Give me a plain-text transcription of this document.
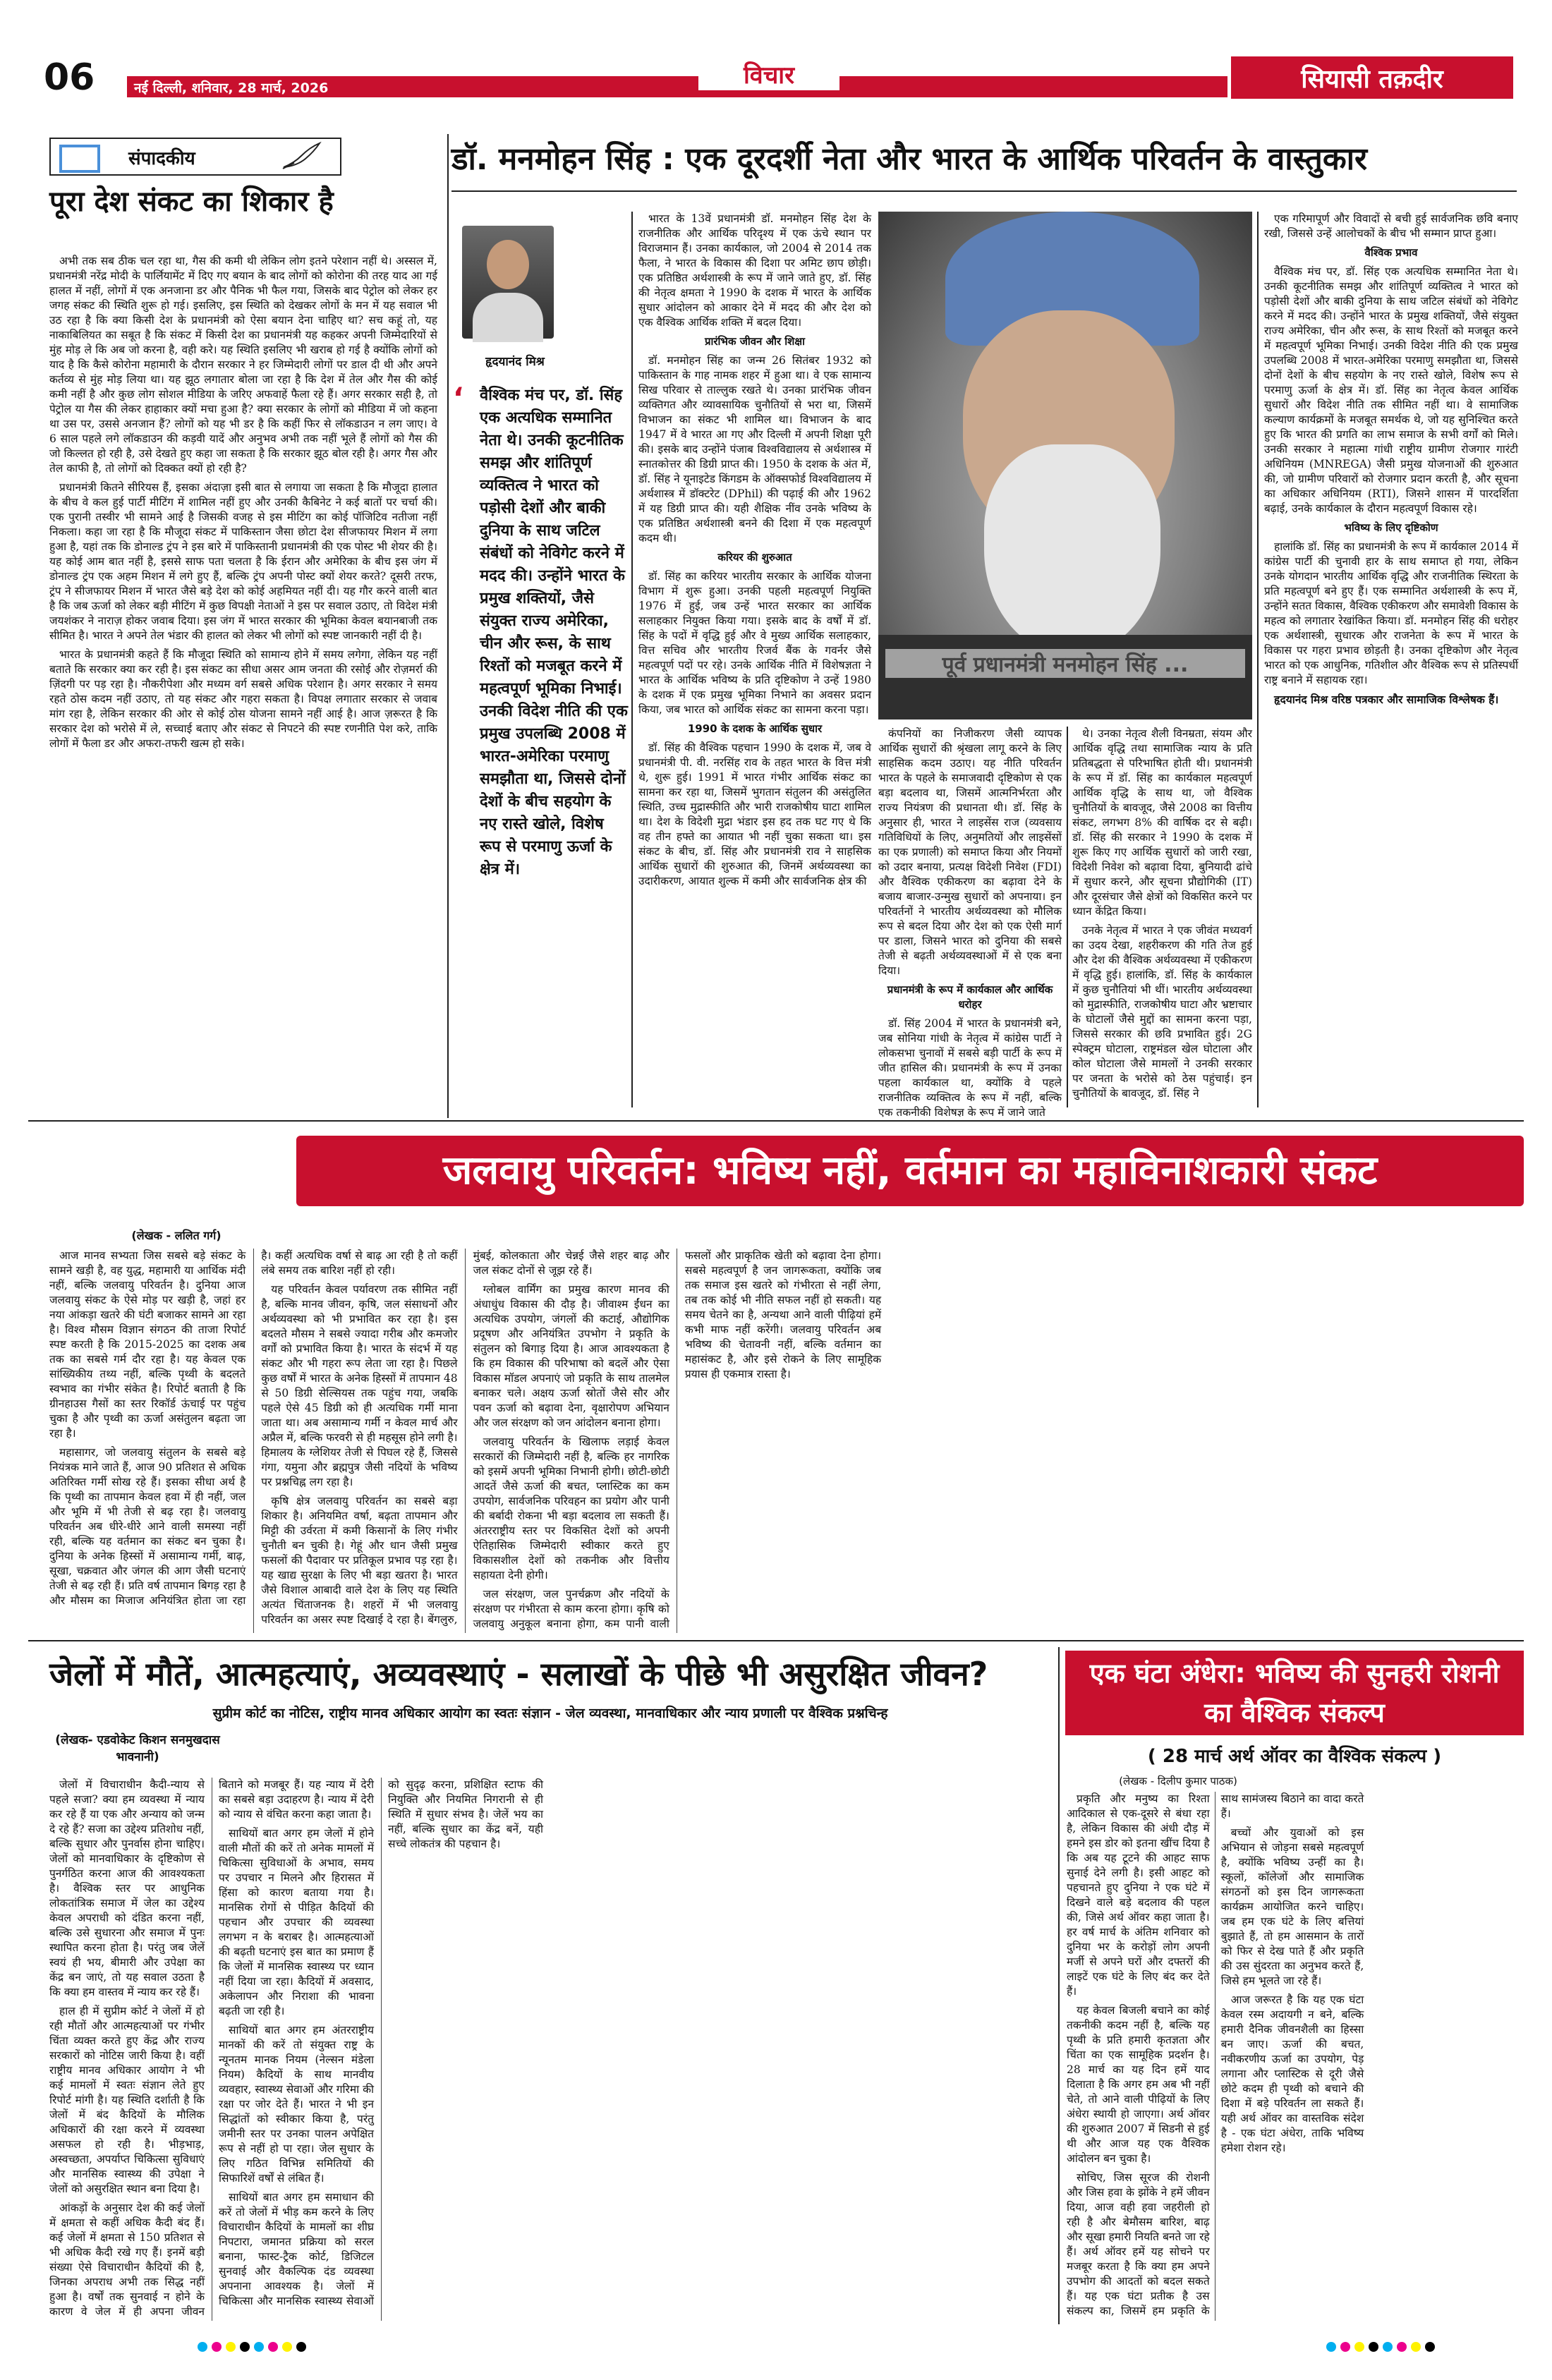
06	नई दिल्ली, शनिवार, 28 मार्च, 2026	विचार	सियासी तक़दीर
संपादकीय
पूरा देश संकट का शिकार है

अभी तक सब ठीक चल रहा था, गैस की कमी थी लेकिन लोग इतने परेशान नहीं थे। अस्सल में, प्रधानमंत्री नरेंद्र मोदी के पार्लियामेंट में दिए गए बयान के बाद लोगों को कोरोना की तरह याद आ गई हालत में नहीं, लोगों में एक अनजाना डर और पैनिक भी फैल गया, जिसके बाद पेट्रोल को लेकर हर जगह संकट की स्थिति शुरू हो गई। इसलिए, इस स्थिति को देखकर लोगों के मन में यह सवाल भी उठ रहा है कि क्या किसी देश के प्रधानमंत्री को ऐसा बयान देना चाहिए था? सच कहूं तो, यह नाकाबिलियत का सबूत है कि संकट में किसी देश का प्रधानमंत्री यह कहकर अपनी जिम्मेदारियों से मुंह मोड़ ले कि अब जो करना है, वही करे। यह स्थिति इसलिए भी खराब हो गई है क्योंकि लोगों को याद है कि कैसे कोरोना महामारी के दौरान सरकार ने हर जिम्मेदारी लोगों पर डाल दी थी और अपने कर्तव्य से मुंह मोड़ लिया था। यह झूठ लगातार बोला जा रहा है कि देश में तेल और गैस की कोई कमी नहीं है और कुछ लोग सोशल मीडिया के जरिए अफवाहें फैला रहे हैं। अगर सरकार सही है, तो पेट्रोल या गैस की लेकर हाहाकार क्यों मचा हुआ है? क्या सरकार के लोगों को मीडिया में जो कहना था उस पर, उससे अनजान हैं? लोगों को यह भी डर है कि कहीं फिर से लॉकडाउन न लग जाए। वे 6 साल पहले लगे लॉकडाउन की कड़वी यादें और अनुभव अभी तक नहीं भूले हैं लोगों को गैस की जो किल्लत हो रही है, उसे देखते हुए कहा जा सकता है कि सरकार झूठ बोल रही है। अगर गैस और तेल काफी है, तो लोगों को दिक्कत क्यों हो रही है?

प्रधानमंत्री कितने सीरियस हैं, इसका अंदाज़ा इसी बात से लगाया जा सकता है कि मौजूदा हालात के बीच वे कल हुई पार्टी मीटिंग में शामिल नहीं हुए और उनकी कैबिनेट ने कई बातों पर चर्चा की। एक पुरानी तस्वीर भी सामने आई है जिसकी वजह से इस मीटिंग का कोई पॉजिटिव नतीजा नहीं निकला। कहा जा रहा है कि मौजूदा संकट में पाकिस्तान जैसा छोटा देश सीजफायर मिशन में लगा हुआ है, यहां तक कि डोनाल्ड ट्रंप ने इस बारे में पाकिस्तानी प्रधानमंत्री की एक पोस्ट भी शेयर की है। यह कोई आम बात नहीं है, इससे साफ पता चलता है कि ईरान और अमेरिका के बीच इस जंग में डोनाल्ड ट्रंप एक अहम मिशन में लगे हुए हैं, बल्कि ट्रंप अपनी पोस्ट क्यों शेयर करते? दूसरी तरफ, ट्रंप ने सीजफायर मिशन में भारत जैसे बड़े देश को कोई अहमियत नहीं दी। यह गौर करने वाली बात है कि जब ऊर्जा को लेकर बड़ी मीटिंग में कुछ विपक्षी नेताओं ने इस पर सवाल उठाए, तो विदेश मंत्री जयशंकर ने नाराज़ होकर जवाब दिया। इस जंग में भारत सरकार की भूमिका केवल बयानबाजी तक सीमित है। भारत ने अपने तेल भंडार की हालत को लेकर भी लोगों को स्पष्ट जानकारी नहीं दी है।

भारत के प्रधानमंत्री कहते हैं कि मौजूदा स्थिति को सामान्य होने में समय लगेगा, लेकिन यह नहीं बताते कि सरकार क्या कर रही है। इस संकट का सीधा असर आम जनता की रसोई और रोज़मर्रा की ज़िंदगी पर पड़ रहा है। नौकरीपेशा और मध्यम वर्ग सबसे अधिक परेशान है। अगर सरकार ने समय रहते ठोस कदम नहीं उठाए, तो यह संकट और गहरा सकता है। विपक्ष लगातार सरकार से जवाब मांग रहा है, लेकिन सरकार की ओर से कोई ठोस योजना सामने नहीं आई है। आज ज़रूरत है कि सरकार देश को भरोसे में ले, सच्चाई बताए और संकट से निपटने की स्पष्ट रणनीति पेश करे, ताकि लोगों में फैला डर और अफरा-तफरी खत्म हो सके।

डॉ. मनमोहन सिंह : एक दूरदर्शी नेता और भारत के आर्थिक परिवर्तन के वास्तुकार
हृदयानंद मिश्र
‘ वैश्विक मंच पर, डॉ. सिंह एक अत्यधिक सम्मानित नेता थे। उनकी कूटनीतिक समझ और शांतिपूर्ण व्यक्तित्व ने भारत को पड़ोसी देशों और बाकी दुनिया के साथ जटिल संबंधों को नेविगेट करने में मदद की। उन्होंने भारत के प्रमुख शक्तियों, जैसे संयुक्त राज्य अमेरिका, चीन और रूस, के साथ रिश्तों को मजबूत करने में महत्वपूर्ण भूमिका निभाई। उनकी विदेश नीति की एक प्रमुख उपलब्धि 2008 में भारत-अमेरिका परमाणु समझौता था, जिससे दोनों देशों के बीच सहयोग के नए रास्ते खोले, विशेष रूप से परमाणु ऊर्जा के क्षेत्र में।

भारत के 13वें प्रधानमंत्री डॉ. मनमोहन सिंह देश के राजनीतिक और आर्थिक परिदृश्य में एक ऊंचे स्थान पर विराजमान हैं। उनका कार्यकाल, जो 2004 से 2014 तक फैला, ने भारत के विकास की दिशा पर अमिट छाप छोड़ी। एक प्रतिष्ठित अर्थशास्त्री के रूप में जाने जाते हुए, डॉ. सिंह की नेतृत्व क्षमता ने 1990 के दशक में भारत के आर्थिक सुधार आंदोलन को आकार देने में मदद की और देश को एक वैश्विक आर्थिक शक्ति में बदल दिया।

प्रारंभिक जीवन और शिक्षा

डॉ. मनमोहन सिंह का जन्म 26 सितंबर 1932 को पाकिस्तान के गाह नामक शहर में हुआ था। वे एक सामान्य सिख परिवार से ताल्लुक रखते थे। उनका प्रारंभिक जीवन व्यक्तिगत और व्यावसायिक चुनौतियों से भरा था, जिसमें विभाजन का संकट भी शामिल था। विभाजन के बाद 1947 में वे भारत आ गए और दिल्ली में अपनी शिक्षा पूरी की। इसके बाद उन्होंने पंजाब विश्वविद्यालय से अर्थशास्त्र में स्नातकोत्तर की डिग्री प्राप्त की। 1950 के दशक के अंत में, डॉ. सिंह ने यूनाइटेड किंगडम के ऑक्सफोर्ड विश्वविद्यालय में अर्थशास्त्र में डॉक्टरेट (DPhil) की पढ़ाई की और 1962 में यह डिग्री प्राप्त की। यही शैक्षिक नींव उनके भविष्य के एक प्रतिष्ठित अर्थशास्त्री बनने की दिशा में एक महत्वपूर्ण कदम थी।

करियर की शुरुआत

डॉ. सिंह का करियर भारतीय सरकार के आर्थिक योजना विभाग में शुरू हुआ। उनकी पहली महत्वपूर्ण नियुक्ति 1976 में हुई, जब उन्हें भारत सरकार का आर्थिक सलाहकार नियुक्त किया गया। इसके बाद के वर्षों में डॉ. सिंह के पदों में वृद्धि हुई और वे मुख्य आर्थिक सलाहकार, वित्त सचिव और भारतीय रिजर्व बैंक के गवर्नर जैसे महत्वपूर्ण पदों पर रहे। उनके आर्थिक नीति में विशेषज्ञता ने भारत के आर्थिक भविष्य के प्रति दृष्टिकोण ने उन्हें 1980 के दशक में एक प्रमुख भूमिका निभाने का अवसर प्रदान किया, जब भारत को आर्थिक संकट का सामना करना पड़ा।

1990 के दशक के आर्थिक सुधार

डॉ. सिंह की वैश्विक पहचान 1990 के दशक में, जब वे प्रधानमंत्री पी. वी. नरसिंह राव के तहत भारत के वित्त मंत्री थे, शुरू हुई। 1991 में भारत गंभीर आर्थिक संकट का सामना कर रहा था, जिसमें भुगतान संतुलन की असंतुलित स्थिति, उच्च मुद्रास्फीति और भारी राजकोषीय घाटा शामिल था। देश के विदेशी मुद्रा भंडार इस हद तक घट गए थे कि वह तीन हफ्ते का आयात भी नहीं चुका सकता था। इस संकट के बीच, डॉ. सिंह और प्रधानमंत्री राव ने साहसिक आर्थिक सुधारों की शुरुआत की, जिनमें अर्थव्यवस्था का उदारीकरण, आयात शुल्क में कमी और सार्वजनिक क्षेत्र की

पूर्व प्रधानमंत्री मनमोहन सिंह ...

कंपनियों का निजीकरण जैसी व्यापक आर्थिक सुधारों की श्रृंखला लागू करने के लिए साहसिक कदम उठाए। यह नीति परिवर्तन भारत के पहले के समाजवादी दृष्टिकोण से एक बड़ा बदलाव था, जिसमें आत्मनिर्भरता और राज्य नियंत्रण की प्रधानता थी। डॉ. सिंह के अनुसार ही, भारत ने लाइसेंस राज (व्यवसाय गतिविधियों के लिए, अनुमतियों और लाइसेंसों का एक प्रणाली) को समाप्त किया और नियमों को उदार बनाया, प्रत्यक्ष विदेशी निवेश (FDI) और वैश्विक एकीकरण का बढ़ावा देने के बजाय बाजार-उन्मुख सुधारों को अपनाया। इन परिवर्तनों ने भारतीय अर्थव्यवस्था को मौलिक रूप से बदल दिया और देश को एक ऐसी मार्ग पर डाला, जिसने भारत को दुनिया की सबसे तेजी से बढ़ती अर्थव्यवस्थाओं में से एक बना दिया।

प्रधानमंत्री के रूप में कार्यकाल और आर्थिक धरोहर

डॉ. सिंह 2004 में भारत के प्रधानमंत्री बने, जब सोनिया गांधी के नेतृत्व में कांग्रेस पार्टी ने लोकसभा चुनावों में सबसे बड़ी पार्टी के रूप में जीत हासिल की। प्रधानमंत्री के रूप में उनका पहला कार्यकाल था, क्योंकि वे पहले राजनीतिक व्यक्तित्व के रूप में नहीं, बल्कि एक तकनीकी विशेषज्ञ के रूप में जाने जाते

थे। उनका नेतृत्व शैली विनम्रता, संयम और आर्थिक वृद्धि तथा सामाजिक न्याय के प्रति प्रतिबद्धता से परिभाषित होती थी। प्रधानमंत्री के रूप में डॉ. सिंह का कार्यकाल महत्वपूर्ण आर्थिक वृद्धि के साथ था, जो वैश्विक चुनौतियों के बावजूद, जैसे 2008 का वित्तीय संकट, लगभग 8% की वार्षिक दर से बढ़ी। डॉ. सिंह की सरकार ने 1990 के दशक में शुरू किए गए आर्थिक सुधारों को जारी रखा, विदेशी निवेश को बढ़ावा दिया, बुनियादी ढांचे में सुधार करने, और सूचना प्रौद्योगिकी (IT) और दूरसंचार जैसे क्षेत्रों को विकसित करने पर ध्यान केंद्रित किया।

उनके नेतृत्व में भारत ने एक जीवंत मध्यवर्ग का उदय देखा, शहरीकरण की गति तेज हुई और देश की वैश्विक अर्थव्यवस्था में एकीकरण में वृद्धि हुई। हालांकि, डॉ. सिंह के कार्यकाल में कुछ चुनौतियां भी थीं। भारतीय अर्थव्यवस्था को मुद्रास्फीति, राजकोषीय घाटा और भ्रष्टाचार के घोटालों जैसे मुद्दों का सामना करना पड़ा, जिससे सरकार की छवि प्रभावित हुई। 2G स्पेक्ट्रम घोटाला, राष्ट्रमंडल खेल घोटाला और कोल घोटाला जैसे मामलों ने उनकी सरकार पर जनता के भरोसे को ठेस पहुंचाई। इन चुनौतियों के बावजूद, डॉ. सिंह ने

एक गरिमापूर्ण और विवादों से बची हुई सार्वजनिक छवि बनाए रखी, जिससे उन्हें आलोचकों के बीच भी सम्मान प्राप्त हुआ।

वैश्विक प्रभाव

वैश्विक मंच पर, डॉ. सिंह एक अत्यधिक सम्मानित नेता थे। उनकी कूटनीतिक समझ और शांतिपूर्ण व्यक्तित्व ने भारत को पड़ोसी देशों और बाकी दुनिया के साथ जटिल संबंधों को नेविगेट करने में मदद की। उन्होंने भारत के प्रमुख शक्तियों, जैसे संयुक्त राज्य अमेरिका, चीन और रूस, के साथ रिश्तों को मजबूत करने में महत्वपूर्ण भूमिका निभाई। उनकी विदेश नीति की एक प्रमुख उपलब्धि 2008 में भारत-अमेरिका परमाणु समझौता था, जिससे दोनों देशों के बीच सहयोग के नए रास्ते खोले, विशेष रूप से परमाणु ऊर्जा के क्षेत्र में। डॉ. सिंह का नेतृत्व केवल आर्थिक सुधारों और विदेश नीति तक सीमित नहीं था। वे सामाजिक कल्याण कार्यक्रमों के मजबूत समर्थक थे, जो यह सुनिश्चित करते हुए कि भारत की प्रगति का लाभ समाज के सभी वर्गों को मिले। उनकी सरकार ने महात्मा गांधी राष्ट्रीय ग्रामीण रोजगार गारंटी अधिनियम (MNREGA) जैसी प्रमुख योजनाओं की शुरुआत की, जो ग्रामीण परिवारों को रोजगार प्रदान करती है, और सूचना का अधिकार अधिनियम (RTI), जिसने शासन में पारदर्शिता बढ़ाई, उनके कार्यकाल के दौरान महत्वपूर्ण विकास रहे।

भविष्य के लिए दृष्टिकोण

हालांकि डॉ. सिंह का प्रधानमंत्री के रूप में कार्यकाल 2014 में कांग्रेस पार्टी की चुनावी हार के साथ समाप्त हो गया, लेकिन उनके योगदान भारतीय आर्थिक वृद्धि और राजनीतिक स्थिरता के प्रति महत्वपूर्ण बने हुए हैं। एक सम्मानित अर्थशास्त्री के रूप में, उन्होंने सतत विकास, वैश्विक एकीकरण और समावेशी विकास के महत्व को लगातार रेखांकित किया। डॉ. मनमोहन सिंह की धरोहर एक अर्थशास्त्री, सुधारक और राजनेता के रूप में भारत के विकास पर गहरा प्रभाव छोड़ती है। उनका दृष्टिकोण और नेतृत्व भारत को एक आधुनिक, गतिशील और वैश्विक रूप से प्रतिस्पर्धी राष्ट्र बनाने में सहायक रहा।

हृदयानंद मिश्र वरिष्ठ पत्रकार और सामाजिक विश्लेषक हैं।

जलवायु परिवर्तन: भविष्य नहीं, वर्तमान का महाविनाशकारी संकट
(लेखक - ललित गर्ग)

आज मानव सभ्यता जिस सबसे बड़े संकट के सामने खड़ी है, वह युद्ध, महामारी या आर्थिक मंदी नहीं, बल्कि जलवायु परिवर्तन है। दुनिया आज जलवायु संकट के ऐसे मोड़ पर खड़ी है, जहां हर नया आंकड़ा खतरे की घंटी बजाकर सामने आ रहा है। विश्व मौसम विज्ञान संगठन की ताजा रिपोर्ट स्पष्ट करती है कि 2015-2025 का दशक अब तक का सबसे गर्म दौर रहा है। यह केवल एक सांख्यिकीय तथ्य नहीं, बल्कि पृथ्वी के बदलते स्वभाव का गंभीर संकेत है। रिपोर्ट बताती है कि ग्रीनहाउस गैसों का स्तर रिकॉर्ड ऊंचाई पर पहुंच चुका है और पृथ्वी का ऊर्जा असंतुलन बढ़ता जा रहा है।

महासागर, जो जलवायु संतुलन के सबसे बड़े नियंत्रक माने जाते हैं, आज 90 प्रतिशत से अधिक अतिरिक्त गर्मी सोख रहे हैं। इसका सीधा अर्थ है कि पृथ्वी का तापमान केवल हवा में ही नहीं, जल और भूमि में भी तेजी से बढ़ रहा है। जलवायु परिवर्तन अब धीरे-धीरे आने वाली समस्या नहीं रही, बल्कि यह वर्तमान का संकट बन चुका है। दुनिया के अनेक हिस्सों में असामान्य गर्मी, बाढ़, सूखा, चक्रवात और जंगल की आग जैसी घटनाएं तेजी से बढ़ रही हैं। प्रति वर्ष तापमान बिगड़ रहा है और मौसम का मिजाज अनियंत्रित होता जा रहा है। कहीं अत्यधिक वर्षा से बाढ़ आ रही है तो कहीं लंबे समय तक बारिश नहीं हो रही।

यह परिवर्तन केवल पर्यावरण तक सीमित नहीं है, बल्कि मानव जीवन, कृषि, जल संसाधनों और अर्थव्यवस्था को भी प्रभावित कर रहा है। इस बदलते मौसम ने सबसे ज्यादा गरीब और कमजोर वर्गों को प्रभावित किया है। भारत के संदर्भ में यह संकट और भी गहरा रूप लेता जा रहा है। पिछले कुछ वर्षों में भारत के अनेक हिस्सों में तापमान 48 से 50 डिग्री सेल्सियस तक पहुंच गया, जबकि पहले ऐसे 45 डिग्री को ही अत्यधिक गर्मी माना जाता था। अब असामान्य गर्मी न केवल मार्च और अप्रैल में, बल्कि फरवरी से ही महसूस होने लगी है। हिमालय के ग्लेशियर तेजी से पिघल रहे हैं, जिससे गंगा, यमुना और ब्रह्मपुत्र जैसी नदियों के भविष्य पर प्रश्नचिह्न लग रहा है।

कृषि क्षेत्र जलवायु परिवर्तन का सबसे बड़ा शिकार है। अनियमित वर्षा, बढ़ता तापमान और मिट्टी की उर्वरता में कमी किसानों के लिए गंभीर चुनौती बन चुकी है। गेहूं और धान जैसी प्रमुख फसलों की पैदावार पर प्रतिकूल प्रभाव पड़ रहा है। यह खाद्य सुरक्षा के लिए भी बड़ा खतरा है। भारत जैसे विशाल आबादी वाले देश के लिए यह स्थिति अत्यंत चिंताजनक है। शहरों में भी जलवायु परिवर्तन का असर स्पष्ट दिखाई दे रहा है। बेंगलुरु, मुंबई, कोलकाता और चेन्नई जैसे शहर बाढ़ और जल संकट दोनों से जूझ रहे हैं।

ग्लोबल वार्मिंग का प्रमुख कारण मानव की अंधाधुंध विकास की दौड़ है। जीवाश्म ईंधन का अत्यधिक उपयोग, जंगलों की कटाई, औद्योगिक प्रदूषण और अनियंत्रित उपभोग ने प्रकृति के संतुलन को बिगाड़ दिया है। आज आवश्यकता है कि हम विकास की परिभाषा को बदलें और ऐसा विकास मॉडल अपनाएं जो प्रकृति के साथ तालमेल बनाकर चले। अक्षय ऊर्जा स्रोतों जैसे सौर और पवन ऊर्जा को बढ़ावा देना, वृक्षारोपण अभियान और जल संरक्षण को जन आंदोलन बनाना होगा।

जलवायु परिवर्तन के खिलाफ लड़ाई केवल सरकारों की जिम्मेदारी नहीं है, बल्कि हर नागरिक को इसमें अपनी भूमिका निभानी होगी। छोटी-छोटी आदतें जैसे ऊर्जा की बचत, प्लास्टिक का कम उपयोग, सार्वजनिक परिवहन का प्रयोग और पानी की बर्बादी रोकना भी बड़ा बदलाव ला सकती हैं। अंतरराष्ट्रीय स्तर पर विकसित देशों को अपनी ऐतिहासिक जिम्मेदारी स्वीकार करते हुए विकासशील देशों को तकनीक और वित्तीय सहायता देनी होगी।

जल संरक्षण, जल पुनर्चक्रण और नदियों के संरक्षण पर गंभीरता से काम करना होगा। कृषि को जलवायु अनुकूल बनाना होगा, कम पानी वाली फसलों और प्राकृतिक खेती को बढ़ावा देना होगा। सबसे महत्वपूर्ण है जन जागरूकता, क्योंकि जब तक समाज इस खतरे को गंभीरता से नहीं लेगा, तब तक कोई भी नीति सफल नहीं हो सकती। यह समय चेतने का है, अन्यथा आने वाली पीढ़ियां हमें कभी माफ नहीं करेंगी। जलवायु परिवर्तन अब भविष्य की चेतावनी नहीं, बल्कि वर्तमान का महासंकट है, और इसे रोकने के लिए सामूहिक प्रयास ही एकमात्र रास्ता है।

जेलों में मौतें, आत्महत्याएं, अव्यवस्थाएं - सलाखों के पीछे भी असुरक्षित जीवन?
सुप्रीम कोर्ट का नोटिस, राष्ट्रीय मानव अधिकार आयोग का स्वतः संज्ञान - जेल व्यवस्था, मानवाधिकार और न्याय प्रणाली पर वैश्विक प्रश्नचिन्ह
(लेखक- एडवोकेट किशन सनमुखदास भावनानी)

जेलों में विचाराधीन कैदी-न्याय से पहले सजा? क्या हम व्यवस्था में न्याय कर रहे हैं या एक और अन्याय को जन्म दे रहे हैं? सजा का उद्देश्य प्रतिशोध नहीं, बल्कि सुधार और पुनर्वास होना चाहिए। जेलों को मानवाधिकार के दृष्टिकोण से पुनर्गठित करना आज की आवश्यकता है। वैश्विक स्तर पर आधुनिक लोकतांत्रिक समाज में जेल का उद्देश्य केवल अपराधी को दंडित करना नहीं, बल्कि उसे सुधारना और समाज में पुनः स्थापित करना होता है। परंतु जब जेलें स्वयं ही भय, बीमारी और उपेक्षा का केंद्र बन जाएं, तो यह सवाल उठता है कि क्या हम वास्तव में न्याय कर रहे हैं।

हाल ही में सुप्रीम कोर्ट ने जेलों में हो रही मौतों और आत्महत्याओं पर गंभीर चिंता व्यक्त करते हुए केंद्र और राज्य सरकारों को नोटिस जारी किया है। वहीं राष्ट्रीय मानव अधिकार आयोग ने भी कई मामलों में स्वतः संज्ञान लेते हुए रिपोर्ट मांगी है। यह स्थिति दर्शाती है कि जेलों में बंद कैदियों के मौलिक अधिकारों की रक्षा करने में व्यवस्था असफल हो रही है। भीड़भाड़, अस्वच्छता, अपर्याप्त चिकित्सा सुविधाएं और मानसिक स्वास्थ्य की उपेक्षा ने जेलों को असुरक्षित स्थान बना दिया है।

आंकड़ों के अनुसार देश की कई जेलों में क्षमता से कहीं अधिक कैदी बंद हैं। कई जेलों में क्षमता से 150 प्रतिशत से भी अधिक कैदी रखे गए हैं। इनमें बड़ी संख्या ऐसे विचाराधीन कैदियों की है, जिनका अपराध अभी तक सिद्ध नहीं हुआ है। वर्षों तक सुनवाई न होने के कारण वे जेल में ही अपना जीवन बिताने को मजबूर हैं। यह न्याय में देरी का सबसे बड़ा उदाहरण है। न्याय में देरी को न्याय से वंचित करना कहा जाता है।

साथियों बात अगर हम जेलों में होने वाली मौतों की करें तो अनेक मामलों में चिकित्सा सुविधाओं के अभाव, समय पर उपचार न मिलने और हिरासत में हिंसा को कारण बताया गया है। मानसिक रोगों से पीड़ित कैदियों की पहचान और उपचार की व्यवस्था लगभग न के बराबर है। आत्महत्याओं की बढ़ती घटनाएं इस बात का प्रमाण हैं कि जेलों में मानसिक स्वास्थ्य पर ध्यान नहीं दिया जा रहा। कैदियों में अवसाद, अकेलापन और निराशा की भावना बढ़ती जा रही है।

साथियों बात अगर हम अंतरराष्ट्रीय मानकों की करें तो संयुक्त राष्ट्र के न्यूनतम मानक नियम (नेल्सन मंडेला नियम) कैदियों के साथ मानवीय व्यवहार, स्वास्थ्य सेवाओं और गरिमा की रक्षा पर जोर देते हैं। भारत ने भी इन सिद्धांतों को स्वीकार किया है, परंतु जमीनी स्तर पर उनका पालन अपेक्षित रूप से नहीं हो पा रहा। जेल सुधार के लिए गठित विभिन्न समितियों की सिफारिशें वर्षों से लंबित हैं।

साथियों बात अगर हम समाधान की करें तो जेलों में भीड़ कम करने के लिए विचाराधीन कैदियों के मामलों का शीघ्र निपटारा, जमानत प्रक्रिया को सरल बनाना, फास्ट-ट्रैक कोर्ट, डिजिटल सुनवाई और वैकल्पिक दंड व्यवस्था अपनाना आवश्यक है। जेलों में चिकित्सा और मानसिक स्वास्थ्य सेवाओं को सुदृढ़ करना, प्रशिक्षित स्टाफ की नियुक्ति और नियमित निगरानी से ही स्थिति में सुधार संभव है। जेलें भय का नहीं, बल्कि सुधार का केंद्र बनें, यही सच्चे लोकतंत्र की पहचान है।

एक घंटा अंधेरा: भविष्य की सुनहरी रोशनी का वैश्विक संकल्प
( 28 मार्च अर्थ ऑवर का वैश्विक संकल्प )
(लेखक - दिलीप कुमार पाठक)

प्रकृति और मनुष्य का रिश्ता आदिकाल से एक-दूसरे से बंधा रहा है, लेकिन विकास की अंधी दौड़ में हमने इस डोर को इतना खींच दिया है कि अब यह टूटने की आहट साफ सुनाई देने लगी है। इसी आहट को पहचानते हुए दुनिया ने एक घंटे में दिखने वाले बड़े बदलाव की पहल की, जिसे अर्थ ऑवर कहा जाता है। हर वर्ष मार्च के अंतिम शनिवार को दुनिया भर के करोड़ों लोग अपनी मर्जी से अपने घरों और दफ्तरों की लाइटें एक घंटे के लिए बंद कर देते हैं।

यह केवल बिजली बचाने का कोई तकनीकी कदम नहीं है, बल्कि यह पृथ्वी के प्रति हमारी कृतज्ञता और चिंता का एक सामूहिक प्रदर्शन है। 28 मार्च का यह दिन हमें याद दिलाता है कि अगर हम अब भी नहीं चेते, तो आने वाली पीढ़ियों के लिए अंधेरा स्थायी हो जाएगा। अर्थ ऑवर की शुरुआत 2007 में सिडनी से हुई थी और आज यह एक वैश्विक आंदोलन बन चुका है।

सोचिए, जिस सूरज की रोशनी और जिस हवा के झोंके ने हमें जीवन दिया, आज वही हवा जहरीली हो रही है और बेमौसम बारिश, बाढ़ और सूखा हमारी नियति बनते जा रहे हैं। अर्थ ऑवर हमें यह सोचने पर मजबूर करता है कि क्या हम अपने उपभोग की आदतों को बदल सकते हैं। यह एक घंटा प्रतीक है उस संकल्प का, जिसमें हम प्रकृति के साथ सामंजस्य बिठाने का वादा करते हैं।

बच्चों और युवाओं को इस अभियान से जोड़ना सबसे महत्वपूर्ण है, क्योंकि भविष्य उन्हीं का है। स्कूलों, कॉलेजों और सामाजिक संगठनों को इस दिन जागरूकता कार्यक्रम आयोजित करने चाहिए। जब हम एक घंटे के लिए बत्तियां बुझाते हैं, तो हम आसमान के तारों को फिर से देख पाते हैं और प्रकृति की उस सुंदरता का अनुभव करते हैं, जिसे हम भूलते जा रहे हैं।

आज जरूरत है कि यह एक घंटा केवल रस्म अदायगी न बने, बल्कि हमारी दैनिक जीवनशैली का हिस्सा बन जाए। ऊर्जा की बचत, नवीकरणीय ऊर्जा का उपयोग, पेड़ लगाना और प्लास्टिक से दूरी जैसे छोटे कदम ही पृथ्वी को बचाने की दिशा में बड़े परिवर्तन ला सकते हैं। यही अर्थ ऑवर का वास्तविक संदेश है - एक घंटा अंधेरा, ताकि भविष्य हमेशा रोशन रहे।
